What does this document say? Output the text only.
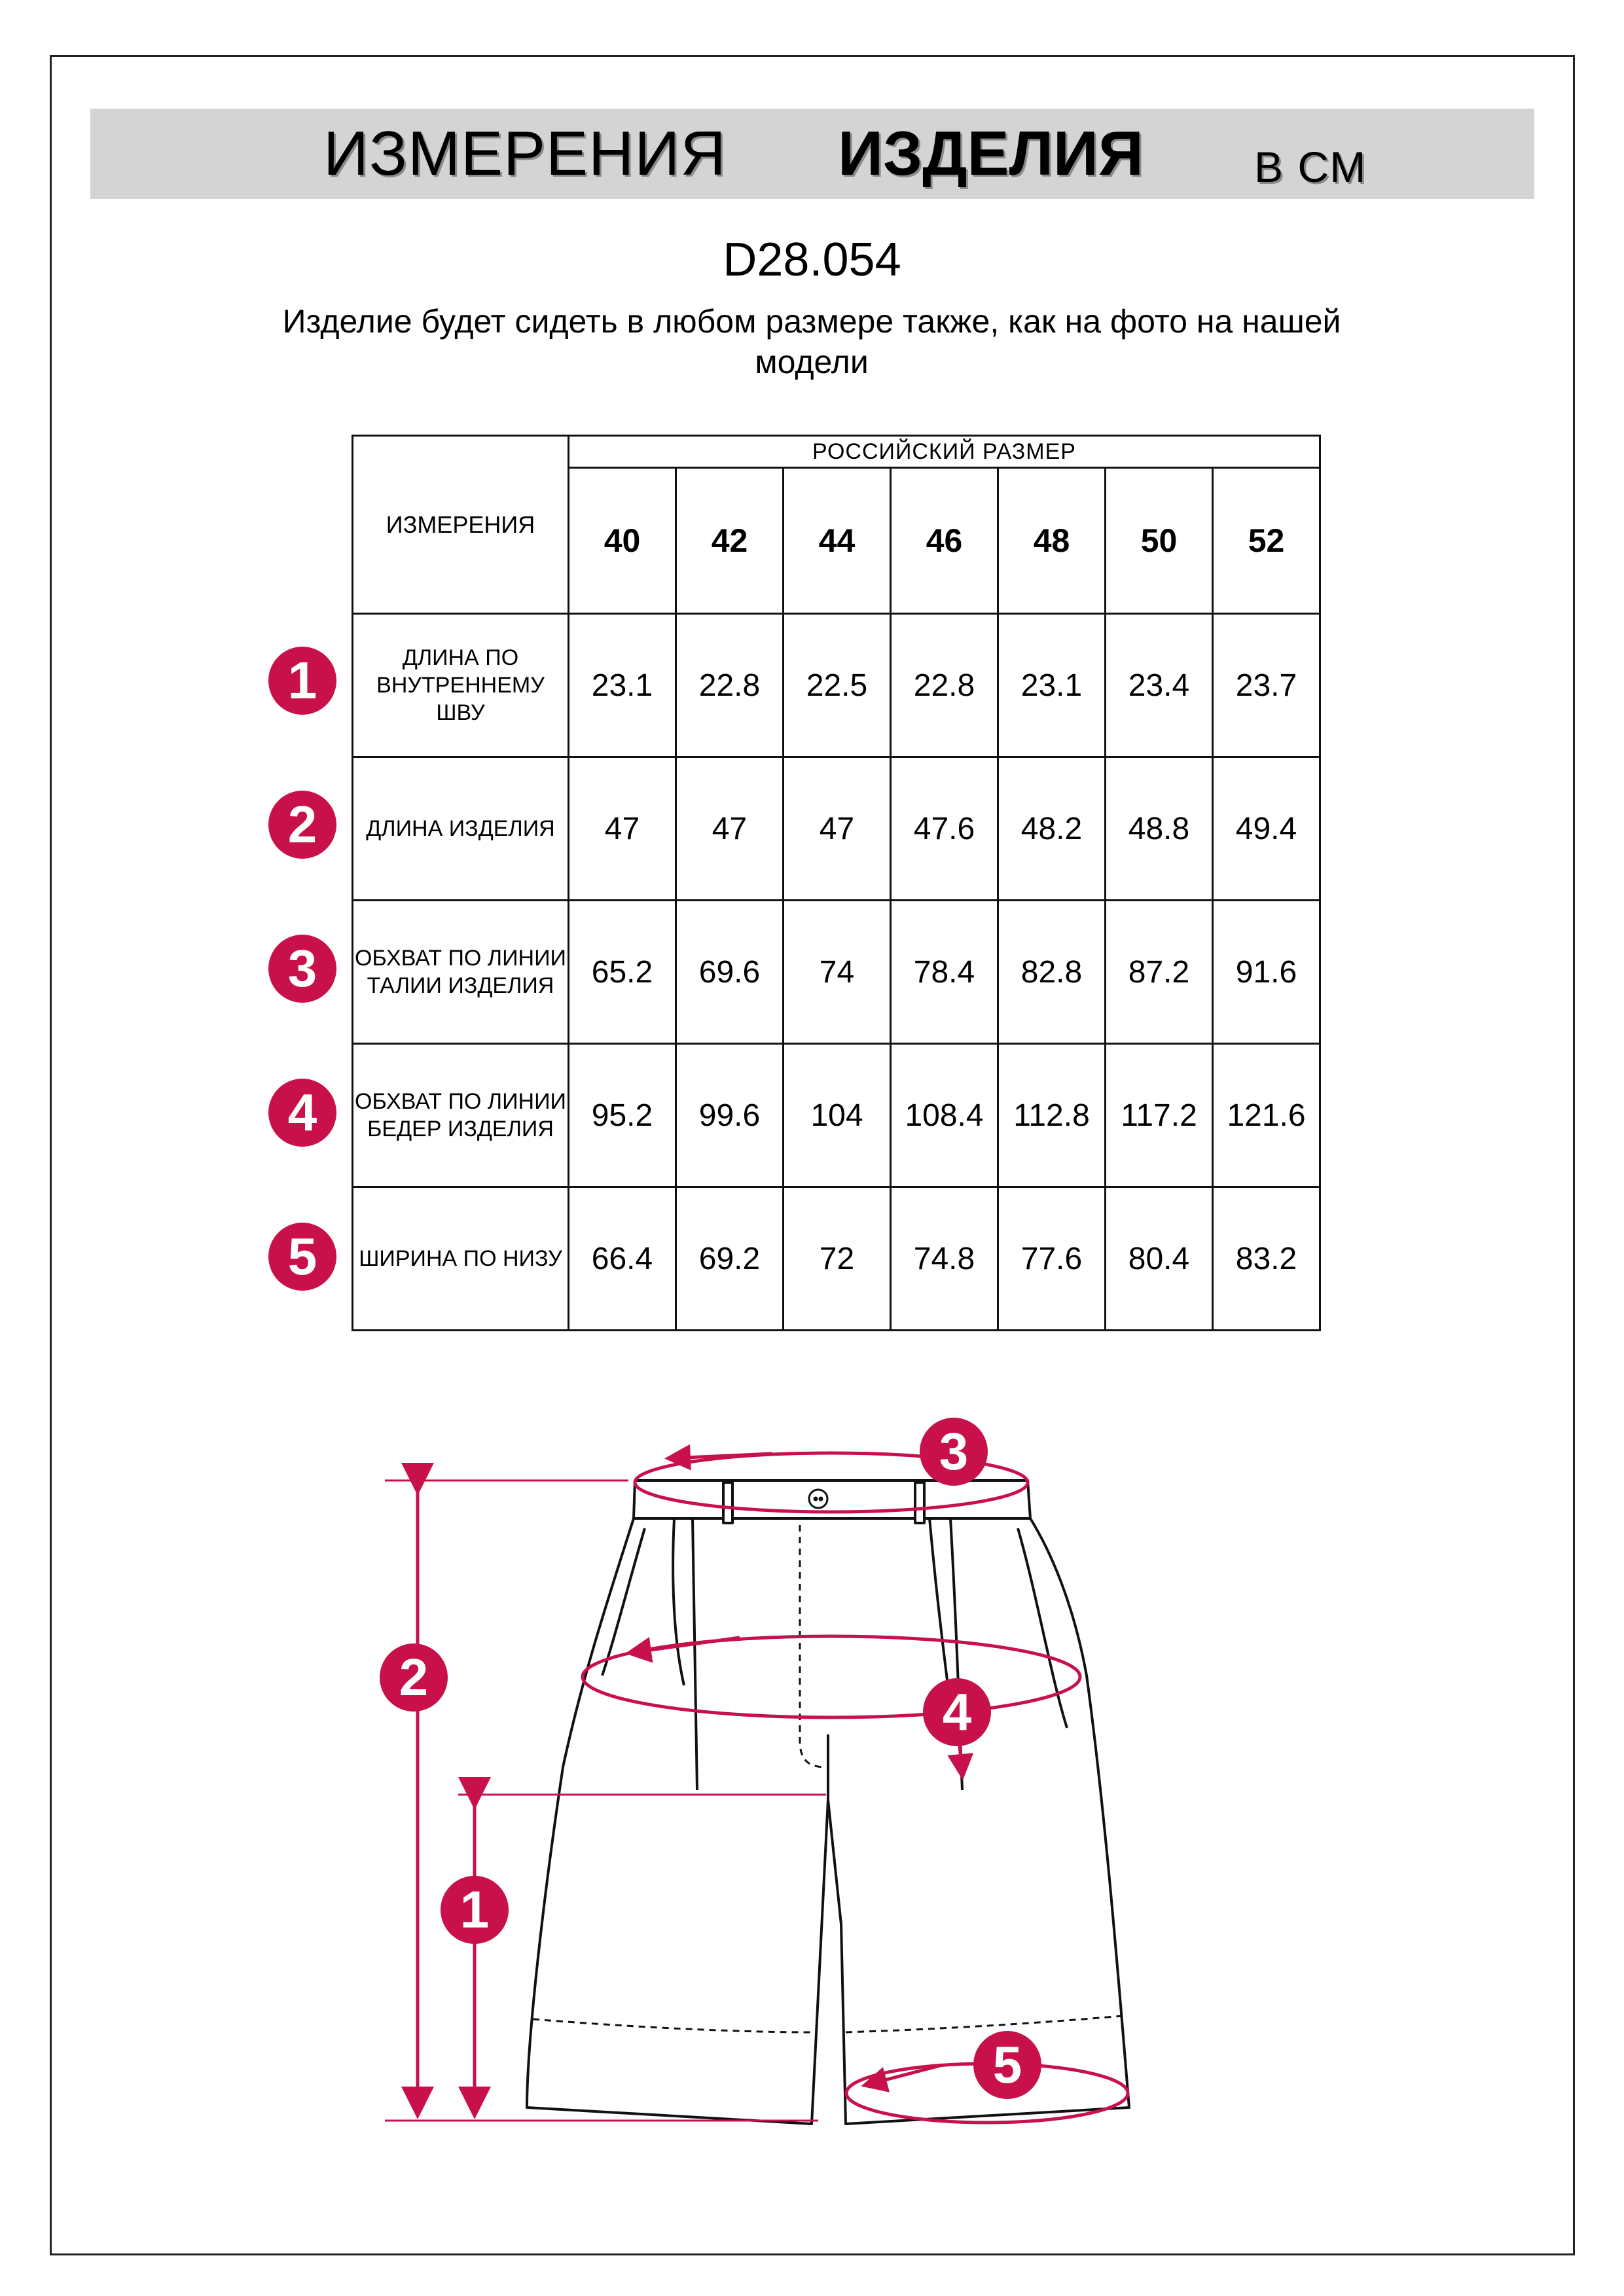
ИЗМЕРЕНИЯ ИЗДЕЛИЯ	В СМ
D28.054
Изделие будет сидеть в любом размере также, как на фото на нашей модели
ИЗМЕРЕНИЯ	РОССИЙСКИЙ РАЗМЕР						
	40	42	44	46	48	50	52
ДЛИНА ПО ВНУТРЕННЕМУ ШВУ	23.1	22.8	22.5	22.8	23.1	23.4	23.7
ДЛИНА ИЗДЕЛИЯ	47	47	47	47.6	48.2	48.8	49.4
ОБХВАТ ПО ЛИНИИ ТАЛИИ ИЗДЕЛИЯ	65.2	69.6	74	78.4	82.8	87.2	91.6
ОБХВАТ ПО ЛИНИИ БЕДЕР ИЗДЕЛИЯ	95.2	99.6	104	108.4	112.8	117.2	121.6
ШИРИНА ПО НИЗУ	66.4	69.2	72	74.8	77.6	80.4	83.2
1
2
3
4
5
3
4
2
1
5
